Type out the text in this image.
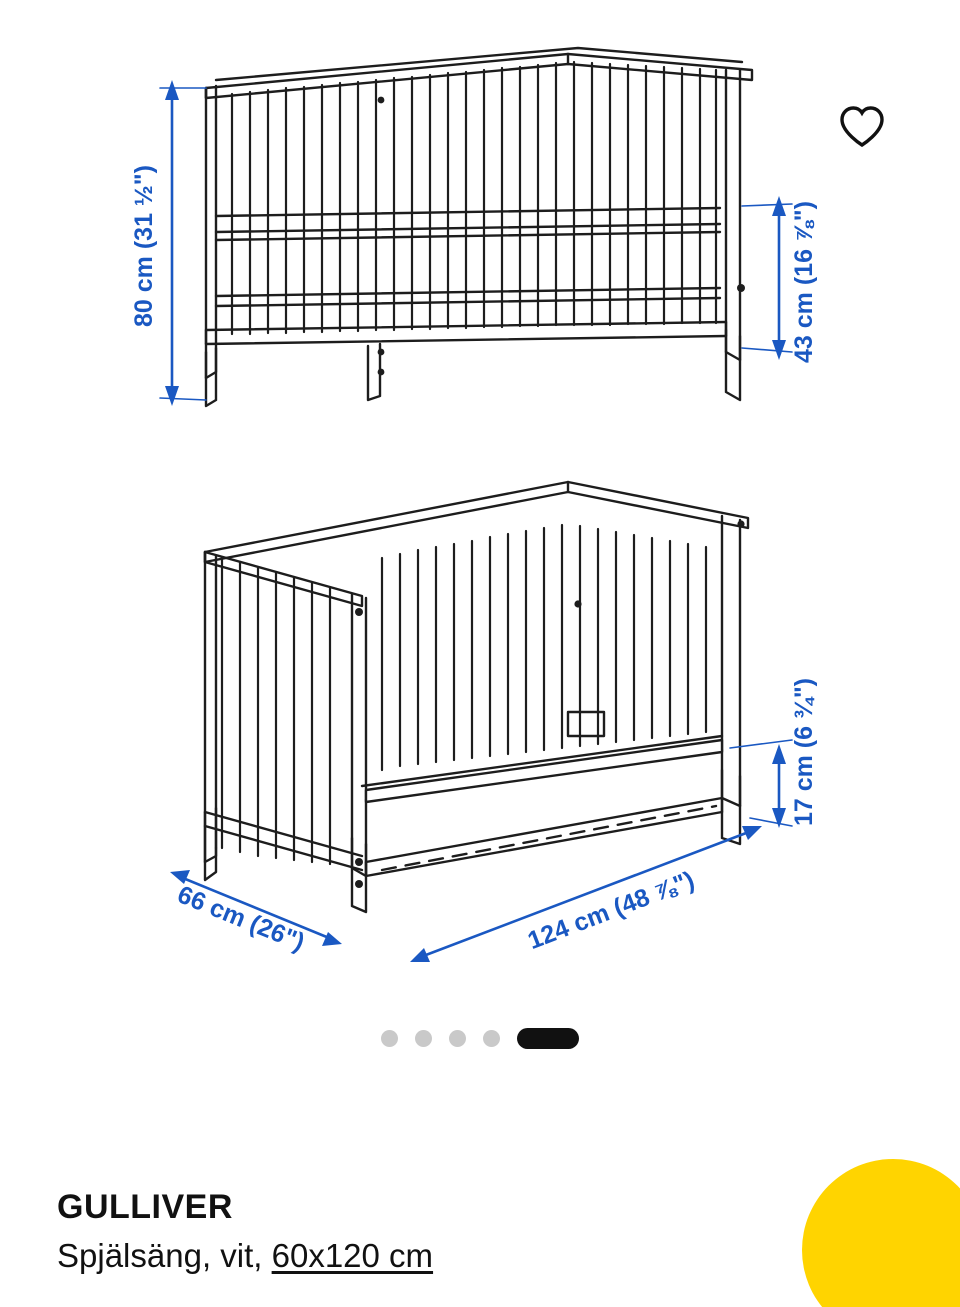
80 cm (31 ½")	43 cm (16 ⅞")
17 cm (6 ¾")
66 cm (26")	124 cm (48 ⅞")
GULLIVER
Spjälsäng, vit, 60x120 cm
